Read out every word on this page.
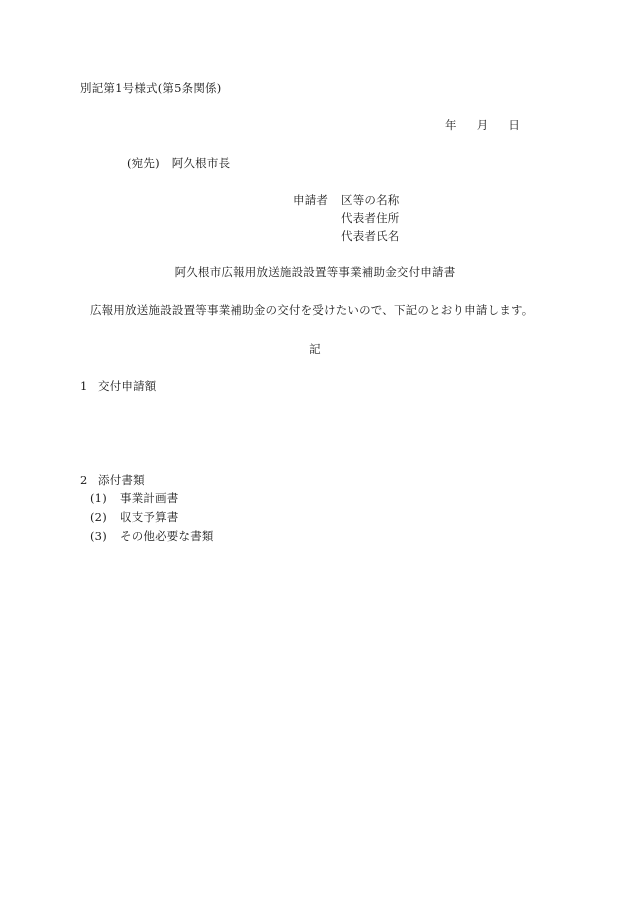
別記第1号様式(第5条関係)
年 月 日
(宛先) 阿久根市長
申請者 区等の名称
代表者住所
代表者氏名
阿久根市広報用放送施設設置等事業補助金交付申請書
広報用放送施設設置等事業補助金の交付を受けたいので、下記のとおり申請します。
記
1 交付申請額
2 添付書類
(1) 事業計画書
(2) 収支予算書
(3) その他必要な書類
